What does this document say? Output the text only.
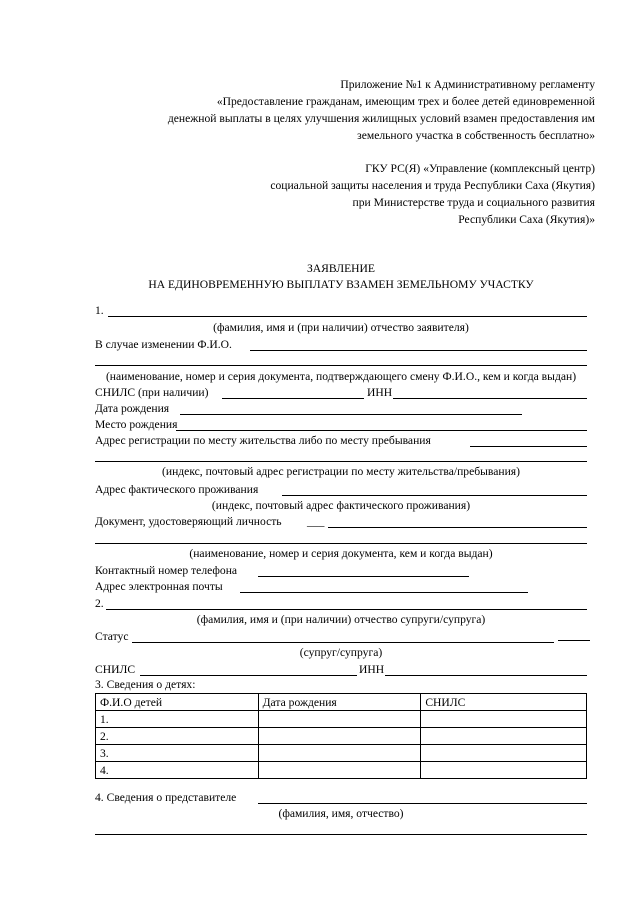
Приложение №1 к Административному регламенту
«Предоставление гражданам, имеющим трех и более детей единовременной
денежной выплаты в целях улучшения жилищных условий взамен предоставления им
земельного участка в собственность бесплатно»
ГКУ РС(Я) «Управление (комплексный центр)
социальной защиты населения и труда Республики Саха (Якутия)
при Министерстве труда и социального развития
Республики Саха (Якутия)»
ЗАЯВЛЕНИЕ
НА ЕДИНОВРЕМЕННУЮ ВЫПЛАТУ ВЗАМЕН ЗЕМЕЛЬНОМУ УЧАСТКУ
1.
(фамилия, имя и (при наличии) отчество заявителя)
В случае изменении Ф.И.О.
(наименование, номер и серия документа, подтверждающего смену Ф.И.О., кем и когда выдан)
СНИЛС (при наличии)	ИНН
Дата рождения
Место рождения
Адрес регистрации по месту жительства либо по месту пребывания
(индекс, почтовый адрес регистрации по месту жительства/пребывания)
Адрес фактического проживания
(индекс, почтовый адрес фактического проживания)
Документ, удостоверяющий личность ___
(наименование, номер и серия документа, кем и когда выдан)
Контактный номер телефона
Адрес электронная почты
2.
(фамилия, имя и (при наличии) отчество супруги/супруга)
Статус
(супруг/супруга)
СНИЛС	ИНН
3. Сведения о детях:
Ф.И.О детей	Дата рождения	СНИЛС
1.		
2.		
3.		
4.		
4. Сведения о представителе
(фамилия, имя, отчество)
